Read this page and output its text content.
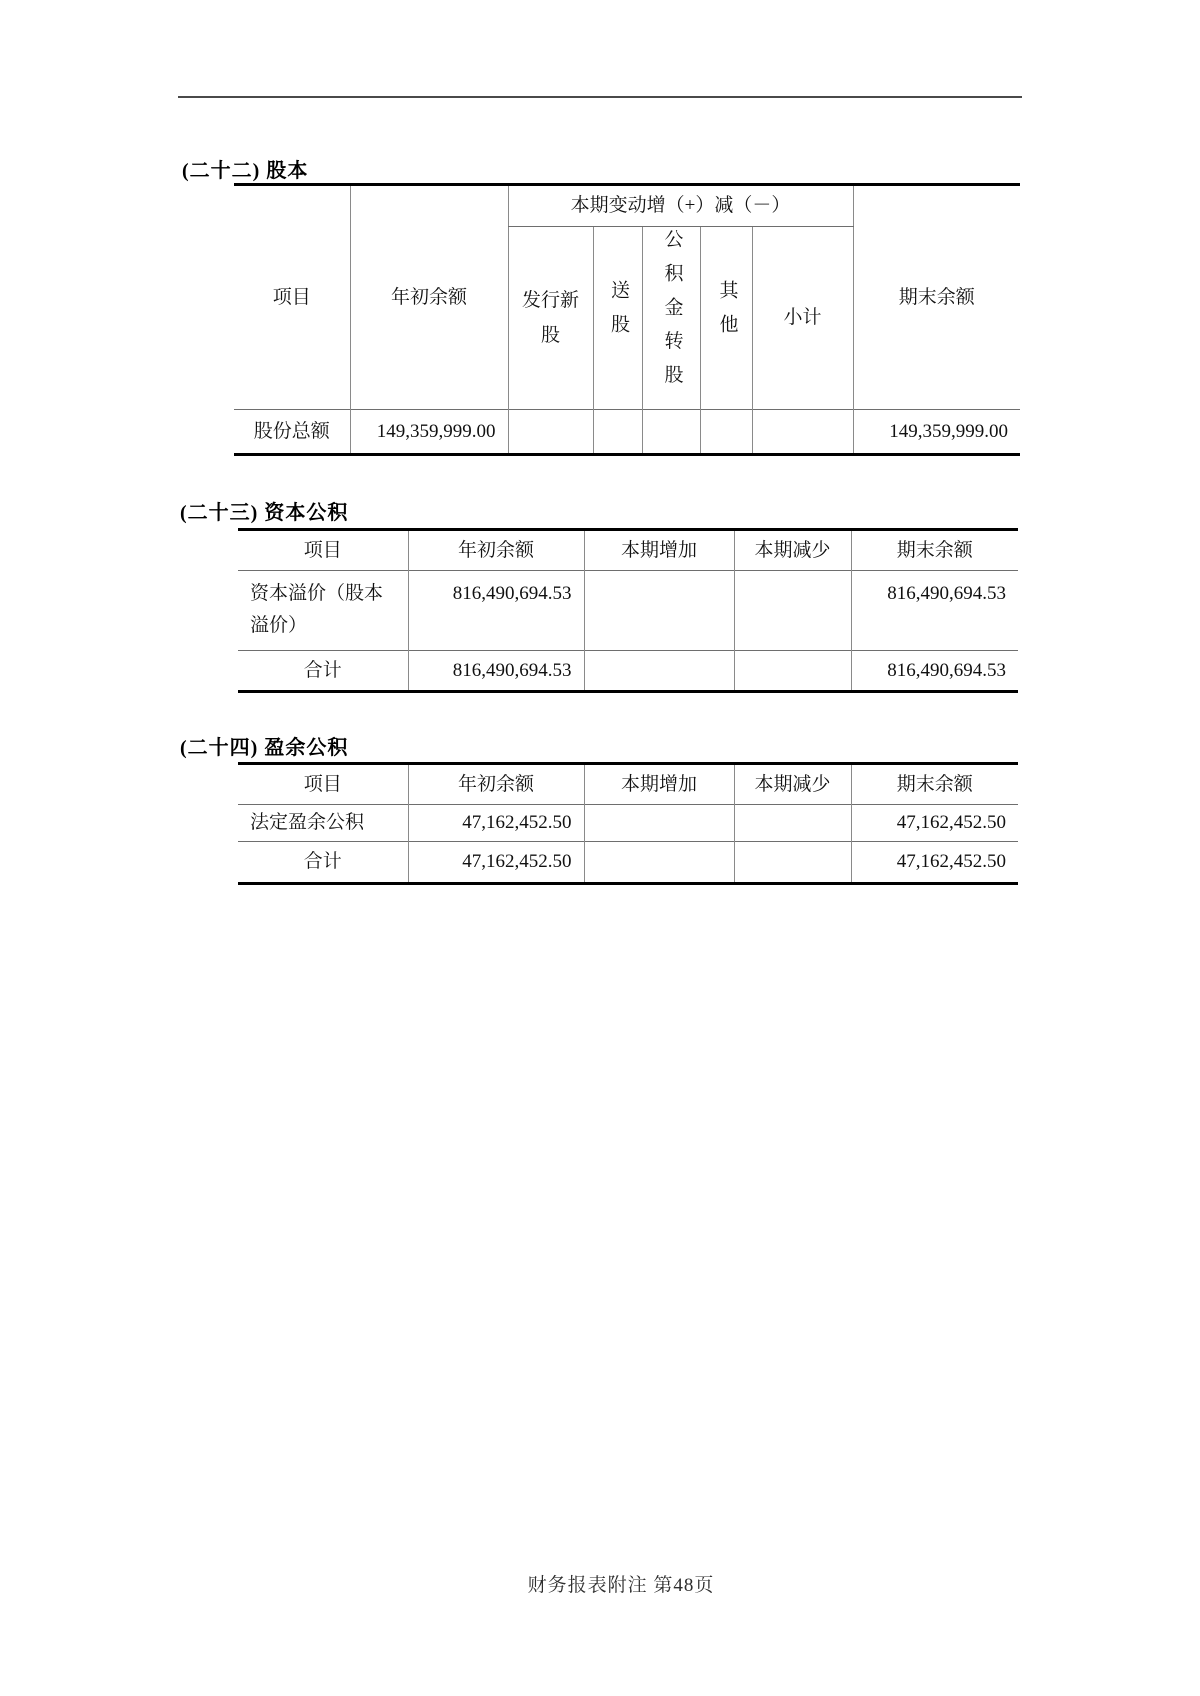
(二十二) 股本
项目	年初余额	本期变动增（+）减（－）					期末余额

		发行新股	送股	公积金转股	其他	小计	
股份总额	149,359,999.00						149,359,999.00
(二十三) 资本公积
项目	年初余额	本期增加	本期减少	期末余额
资本溢价（股本溢价）	816,490,694.53			816,490,694.53
合计	816,490,694.53			816,490,694.53
(二十四) 盈余公积
项目	年初余额	本期增加	本期减少	期末余额
法定盈余公积	47,162,452.50			47,162,452.50
合计	47,162,452.50			47,162,452.50
财务报表附注 第48页
